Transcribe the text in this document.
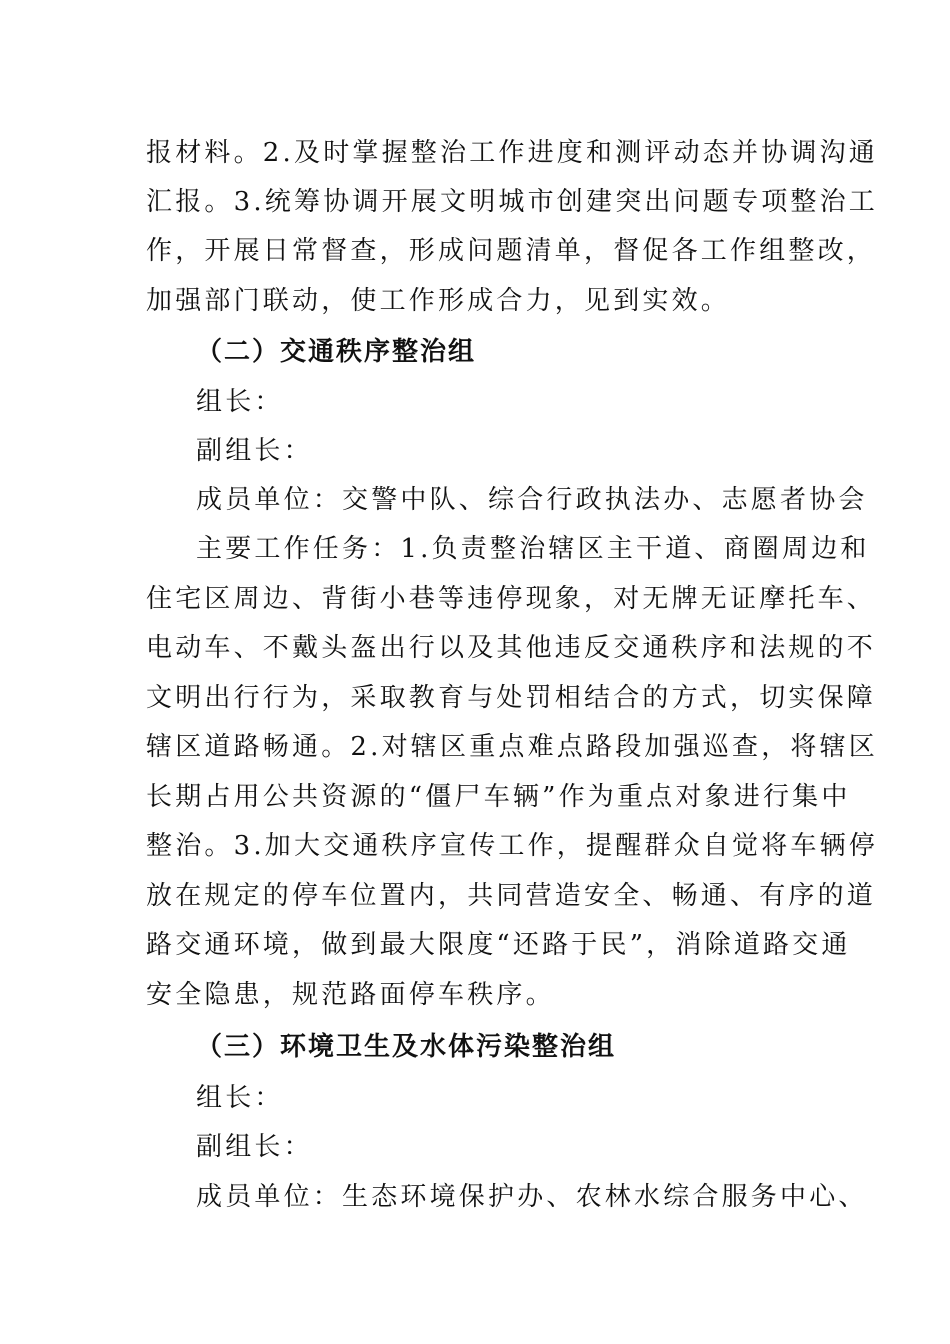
报材料。2.及时掌握整治工作进度和测评动态并协调沟通
汇报。3.统筹协调开展文明城市创建突出问题专项整治工
作，开展日常督查，形成问题清单，督促各工作组整改，
加强部门联动，使工作形成合力，见到实效。
（二）交通秩序整治组
组长：
副组长：
成员单位：交警中队、综合行政执法办、志愿者协会
主要工作任务：1.负责整治辖区主干道、商圈周边和
住宅区周边、背街小巷等违停现象，对无牌无证摩托车、
电动车、不戴头盔出行以及其他违反交通秩序和法规的不
文明出行行为，采取教育与处罚相结合的方式，切实保障
辖区道路畅通。2.对辖区重点难点路段加强巡查，将辖区
长期占用公共资源的“僵尸车辆”作为重点对象进行集中
整治。3.加大交通秩序宣传工作，提醒群众自觉将车辆停
放在规定的停车位置内，共同营造安全、畅通、有序的道
路交通环境，做到最大限度“还路于民”，消除道路交通
安全隐患，规范路面停车秩序。
（三）环境卫生及水体污染整治组
组长：
副组长：
成员单位：生态环境保护办、农林水综合服务中心、
